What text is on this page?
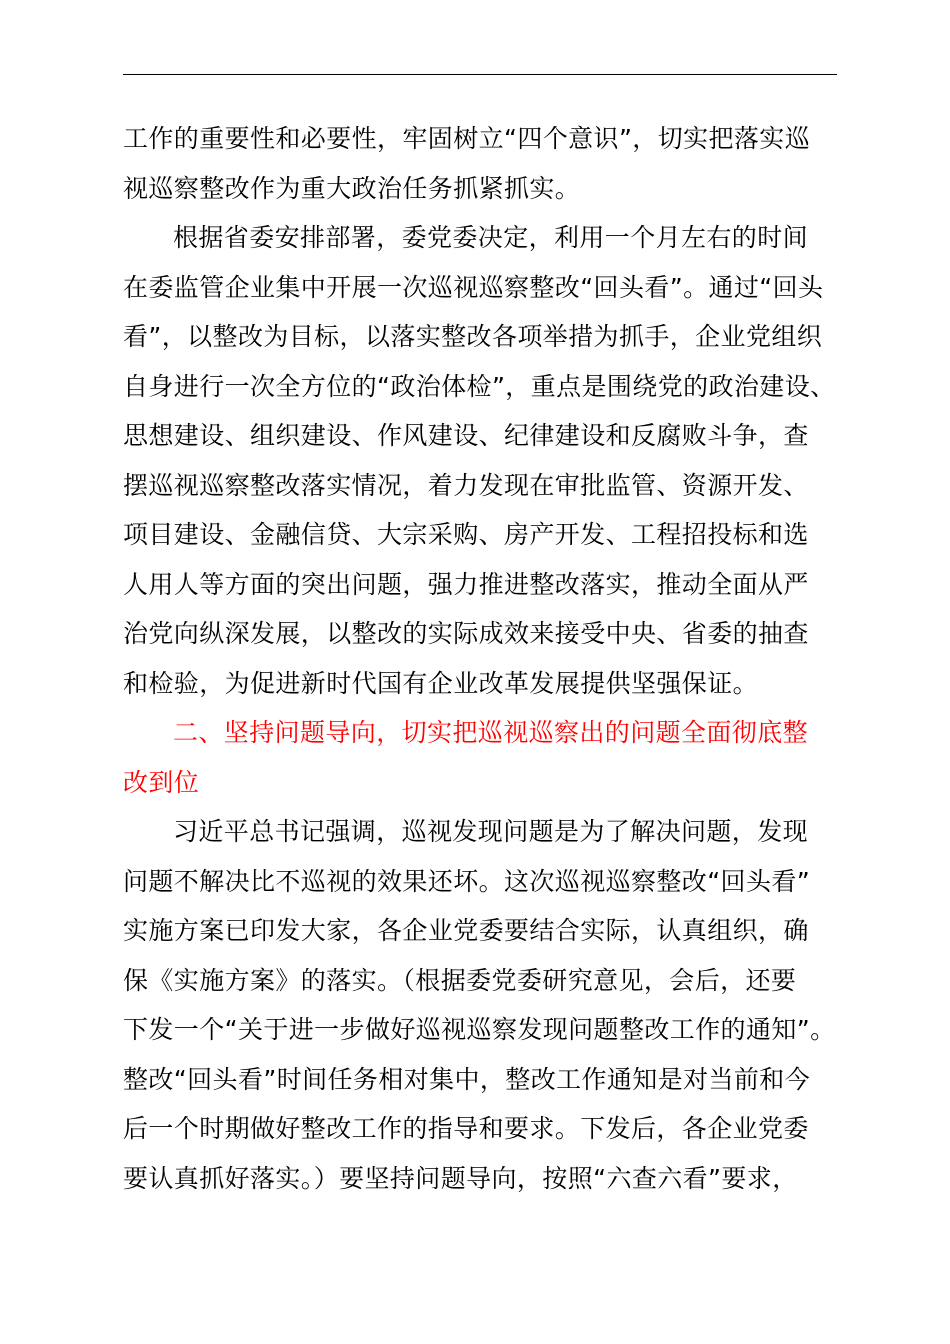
工作的重要性和必要性，牢固树立“四个意识”，切实把落实巡
视巡察整改作为重大政治任务抓紧抓实。
根据省委安排部署，委党委决定，利用一个月左右的时间
在委监管企业集中开展一次巡视巡察整改“回头看”。通过“回头
看”，以整改为目标，以落实整改各项举措为抓手，企业党组织
自身进行一次全方位的“政治体检”，重点是围绕党的政治建设、
思想建设、组织建设、作风建设、纪律建设和反腐败斗争，查
摆巡视巡察整改落实情况，着力发现在审批监管、资源开发、
项目建设、金融信贷、大宗采购、房产开发、工程招投标和选
人用人等方面的突出问题，强力推进整改落实，推动全面从严
治党向纵深发展，以整改的实际成效来接受中央、省委的抽查
和检验，为促进新时代国有企业改革发展提供坚强保证。
二、坚持问题导向，切实把巡视巡察出的问题全面彻底整
改到位
习近平总书记强调，巡视发现问题是为了解决问题，发现
问题不解决比不巡视的效果还坏。这次巡视巡察整改“回头看”
实施方案已印发大家，各企业党委要结合实际，认真组织，确
保《实施方案》的落实。（根据委党委研究意见，会后，还要
下发一个“关于进一步做好巡视巡察发现问题整改工作的通知”。
整改“回头看”时间任务相对集中，整改工作通知是对当前和今
后一个时期做好整改工作的指导和要求。下发后，各企业党委
要认真抓好落实。）要坚持问题导向，按照“六查六看”要求，
